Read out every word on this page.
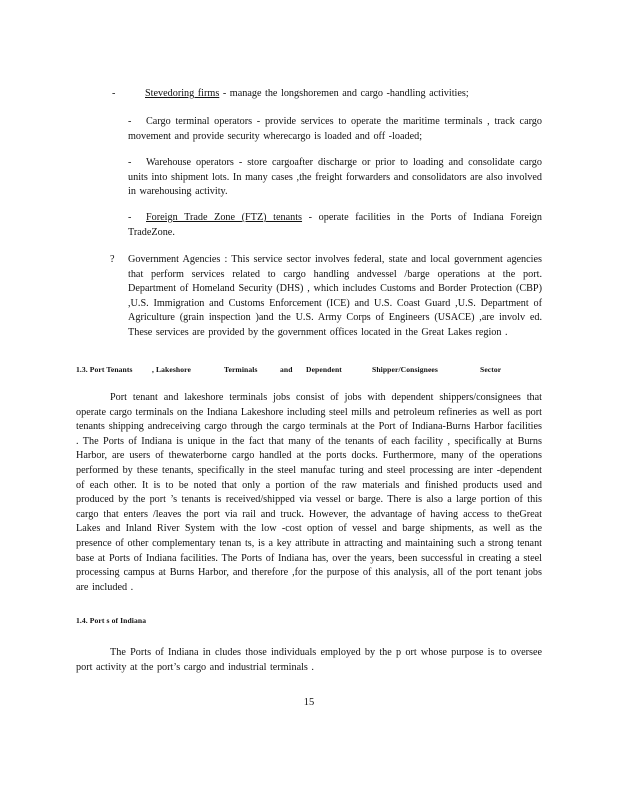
-	Stevedoring firms - manage the longshoremen and cargo -handling activities;

-	Cargo terminal operators - provide services to operate the maritime terminals , track cargo movement and provide security wherecargo is loaded and off -loaded;

-	Warehouse operators - store cargoafter discharge or prior to loading and consolidate cargo units into shipment lots. In many cases ,the freight forwarders and consolidators are also involved in warehousing activity.

-	Foreign Trade Zone (FTZ) tenants - operate facilities in the Ports of Indiana Foreign TradeZone.

? Government Agencies : This service sector involves federal, state and local government agencies that perform services related to cargo handling andvessel /barge operations at the port. Department of Homeland Security (DHS) , which includes Customs and Border Protection (CBP) ,U.S. Immigration and Customs Enforcement (ICE) and U.S. Coast Guard ,U.S. Department of Agriculture (grain inspection )and the U.S. Army Corps of Engineers (USACE) ,are involv ed. These services are provided by the government offices located in the Great Lakes region .

1.3. Port Tenants	, Lakeshore	Terminals	and Dependent	Shipper/Consignees	Sector

Port tenant and lakeshore terminals jobs consist of jobs with dependent shippers/consignees that operate cargo terminals on the Indiana Lakeshore including steel mills and petroleum refineries as well as port tenants shipping andreceiving cargo through the cargo terminals at the Port of Indiana-Burns Harbor facilities . The Ports of Indiana is unique in the fact that many of the tenants of each facility , specifically at Burns Harbor, are users of thewaterborne cargo handled at the ports docks. Furthermore, many of the operations performed by these tenants, specifically in the steel manufac turing and steel processing are inter -dependent of each other. It is to be noted that only a portion of the raw materials and finished products used and produced by the port ’s tenants is received/shipped via vessel or barge. There is also a large portion of this cargo that enters /leaves the port via rail and truck. However, the advantage of having access to theGreat Lakes and Inland River System with the low -cost option of vessel and barge shipments, as well as the presence of other complementary tenan ts, is a key attribute in attracting and maintaining such a strong tenant base at Ports of Indiana facilities. The Ports of Indiana has, over the years, been successful in creating a steel processing campus at Burns Harbor, and therefore ,for the purpose of this analysis, all of the port tenant jobs are included .

1.4. Port s of Indiana

The Ports of Indiana in cludes those individuals employed by the p ort whose purpose is to oversee port activity at the port’s cargo and industrial terminals .

15
